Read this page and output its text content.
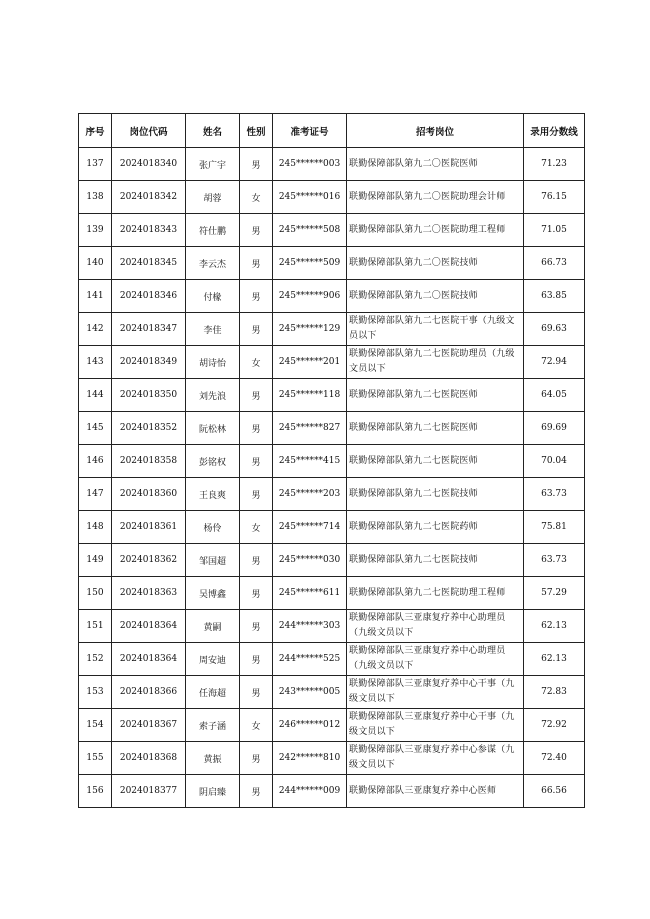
序号	岗位代码	姓名	性别	准考证号	招考岗位	录用分数线
137	2024018340	张广宇	男	245******003	联勤保障部队第九二〇医院医师	71.23
138	2024018342	胡蓉	女	245******016	联勤保障部队第九二〇医院助理会计师	76.15
139	2024018343	符仕鹏	男	245******508	联勤保障部队第九二〇医院助理工程师	71.05
140	2024018345	李云杰	男	245******509	联勤保障部队第九二〇医院技师	66.73
141	2024018346	付椽	男	245******906	联勤保障部队第九二〇医院技师	63.85
142	2024018347	李佳	男	245******129	联勤保障部队第九二七医院干事（九级文员以下	69.63
143	2024018349	胡诗怡	女	245******201	联勤保障部队第九二七医院助理员（九级文员以下	72.94
144	2024018350	刘先浪	男	245******118	联勤保障部队第九二七医院医师	64.05
145	2024018352	阮松林	男	245******827	联勤保障部队第九二七医院医师	69.69
146	2024018358	彭铭权	男	245******415	联勤保障部队第九二七医院医师	70.04
147	2024018360	王良爽	男	245******203	联勤保障部队第九二七医院技师	63.73
148	2024018361	杨伶	女	245******714	联勤保障部队第九二七医院药师	75.81
149	2024018362	邹国超	男	245******030	联勤保障部队第九二七医院技师	63.73
150	2024018363	吴博鑫	男	245******611	联勤保障部队第九二七医院助理工程师	57.29
151	2024018364	黄嗣	男	244******303	联勤保障部队三亚康复疗养中心助理员（九级文员以下	62.13
152	2024018364	周安迪	男	244******525	联勤保障部队三亚康复疗养中心助理员（九级文员以下	62.13
153	2024018366	任海超	男	243******005	联勤保障部队三亚康复疗养中心干事（九级文员以下	72.83
154	2024018367	索子涵	女	246******012	联勤保障部队三亚康复疗养中心干事（九级文员以下	72.92
155	2024018368	黄振	男	242******810	联勤保障部队三亚康复疗养中心参谋（九级文员以下	72.40
156	2024018377	阴启臻	男	244******009	联勤保障部队三亚康复疗养中心医师	66.56
